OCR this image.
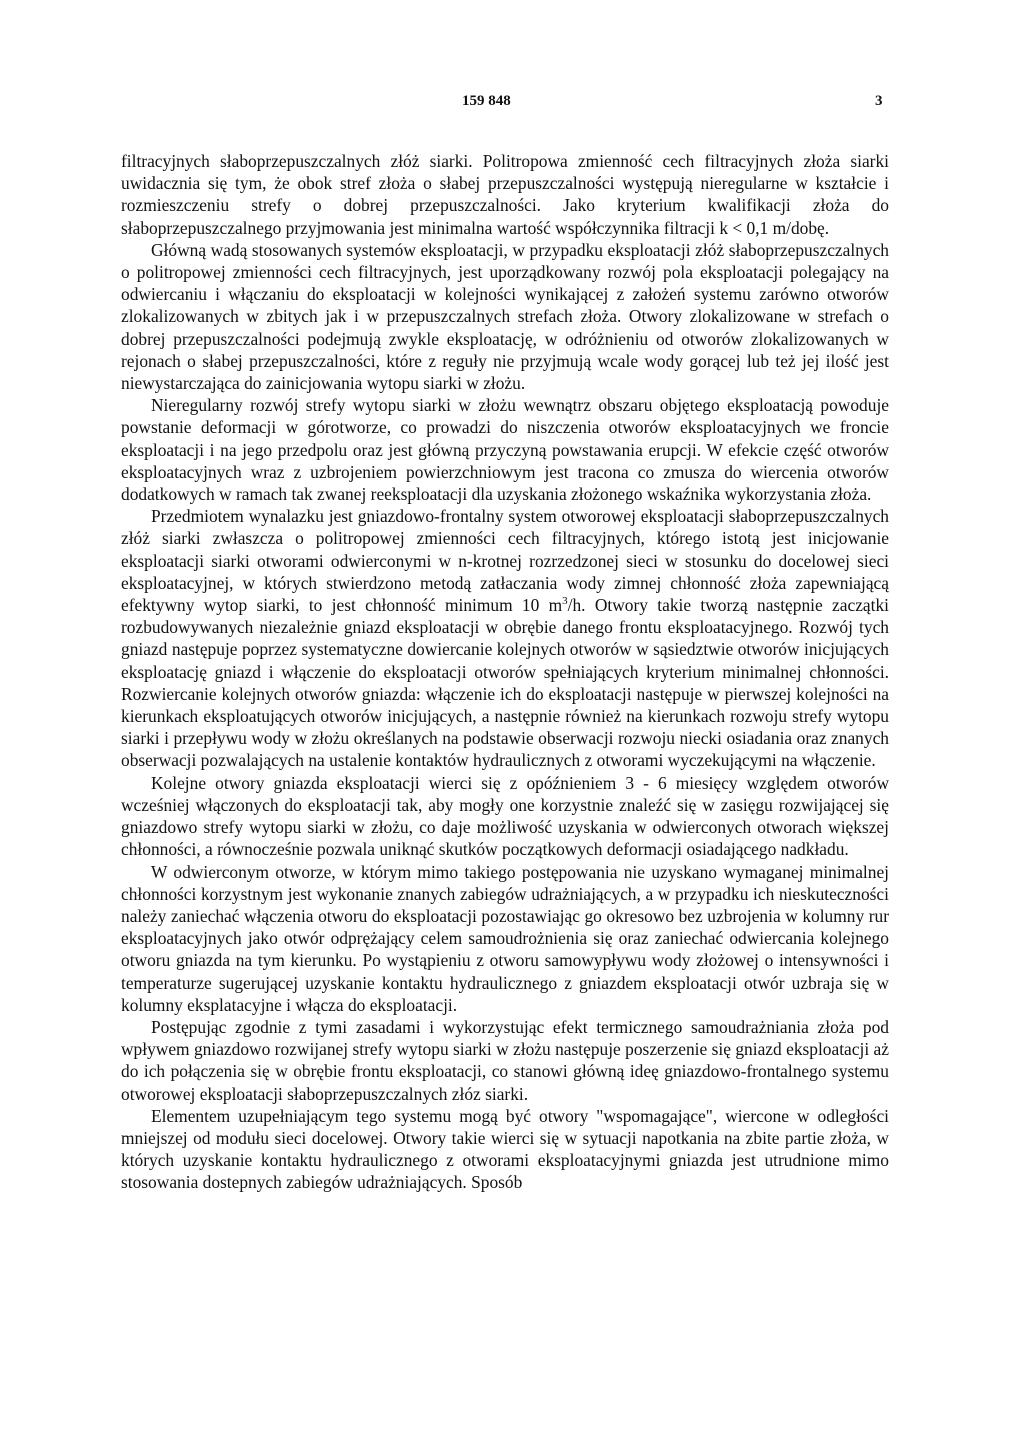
159 848	3

filtracyjnych słaboprzepuszczalnych złóż siarki. Politropowa zmienność cech filtracyjnych złoża siarki uwidacznia się tym, że obok stref złoża o słabej przepuszczalności występują nieregularne w kształcie i rozmieszczeniu strefy o dobrej przepuszczalności. Jako kryterium kwalifikacji złoża do słaboprzepuszczalnego przyjmowania jest minimalna wartość współczynnika filtracji k < 0,1 m/dobę.

Główną wadą stosowanych systemów eksploatacji, w przypadku eksploatacji złóż słaboprzepuszczalnych o politropowej zmienności cech filtracyjnych, jest uporządkowany rozwój pola eksploatacji polegający na odwiercaniu i włączaniu do eksploatacji w kolejności wynikającej z założeń systemu zarówno otworów zlokalizowanych w zbitych jak i w przepuszczalnych strefach złoża. Otwory zlokalizowane w strefach o dobrej przepuszczalności podejmują zwykle eksploatację, w odróżnieniu od otworów zlokalizowanych w rejonach o słabej przepuszczalności, które z reguły nie przyjmują wcale wody gorącej lub też jej ilość jest niewystarczająca do zainicjowania wytopu siarki w złożu.

Nieregularny rozwój strefy wytopu siarki w złożu wewnątrz obszaru objętego eksploatacją powoduje powstanie deformacji w górotworze, co prowadzi do niszczenia otworów eksploatacyjnych we froncie eksploatacji i na jego przedpolu oraz jest główną przyczyną powstawania erupcji. W efekcie część otworów eksploatacyjnych wraz z uzbrojeniem powierzchniowym jest tracona co zmusza do wiercenia otworów dodatkowych w ramach tak zwanej reeksploatacji dla uzyskania złożonego wskaźnika wykorzystania złoża.

Przedmiotem wynalazku jest gniazdowo-frontalny system otworowej eksploatacji słaboprzepuszczalnych złóż siarki zwłaszcza o politropowej zmienności cech filtracyjnych, którego istotą jest inicjowanie eksploatacji siarki otworami odwierconymi w n-krotnej rozrzedzonej sieci w stosunku do docelowej sieci eksploatacyjnej, w których stwierdzono metodą zatłaczania wody zimnej chłonność złoża zapewniającą efektywny wytop siarki, to jest chłonność minimum 10 $m^3/h$. Otwory takie tworzą następnie zaczątki rozbudowywanych niezależnie gniazd eksploatacji w obrębie danego frontu eksploatacyjnego. Rozwój tych gniazd następuje poprzez systematyczne dowiercanie kolejnych otworów w sąsiedztwie otworów inicjujących eksploatację gniazd i włączenie do eksploatacji otworów spełniających kryterium minimalnej chłonności. Rozwiercanie kolejnych otworów gniazda: włączenie ich do eksploatacji następuje w pierwszej kolejności na kierunkach eksploatujących otworów inicjujących, a następnie również na kierunkach rozwoju strefy wytopu siarki i przepływu wody w złożu określanych na podstawie obserwacji rozwoju niecki osiadania oraz znanych obserwacji pozwalających na ustalenie kontaktów hydraulicznych z otworami wyczekującymi na włączenie.

Kolejne otwory gniazda eksploatacji wierci się z opóźnieniem 3 - 6 miesięcy względem otworów wcześniej włączonych do eksploatacji tak, aby mogły one korzystnie znaleźć się w zasięgu rozwijającej się gniazdowo strefy wytopu siarki w złożu, co daje możliwość uzyskania w odwierconych otworach większej chłonności, a równocześnie pozwala uniknąć skutków początkowych deformacji osiadającego nadkładu.

W odwierconym otworze, w którym mimo takiego postępowania nie uzyskano wymaganej minimalnej chłonności korzystnym jest wykonanie znanych zabiegów udrażniających, a w przypadku ich nieskuteczności należy zaniechać włączenia otworu do eksploatacji pozostawiając go okresowo bez uzbrojenia w kolumny rur eksploatacyjnych jako otwór odprężający celem samoudrożnienia się oraz zaniechać odwiercania kolejnego otworu gniazda na tym kierunku. Po wystąpieniu z otworu samowypływu wody złożowej o intensywności i temperaturze sugerującej uzyskanie kontaktu hydraulicznego z gniazdem eksploatacji otwór uzbraja się w kolumny eksplatacyjne i włącza do eksploatacji.

Postępując zgodnie z tymi zasadami i wykorzystując efekt termicznego samoudrażniania złoża pod wpływem gniazdowo rozwijanej strefy wytopu siarki w złożu następuje poszerzenie się gniazd eksploatacji aż do ich połączenia się w obrębie frontu eksploatacji, co stanowi główną ideę gniazdowo-frontalnego systemu otworowej eksploatacji słaboprzepuszczalnych złóz siarki.

Elementem uzupełniającym tego systemu mogą być otwory "wspomagające", wiercone w odległości mniejszej od modułu sieci docelowej. Otwory takie wierci się w sytuacji napotkania na zbite partie złoża, w których uzyskanie kontaktu hydraulicznego z otworami eksploatacyjnymi gniazda jest utrudnione mimo stosowania dostepnych zabiegów udrażniających. Sposób
